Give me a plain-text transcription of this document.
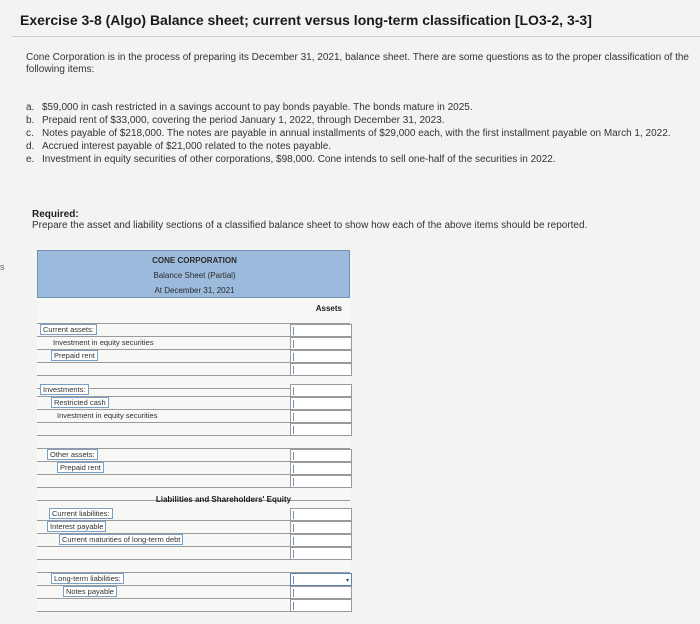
Exercise 3-8 (Algo) Balance sheet; current versus long-term classification [LO3-2, 3-3]
Cone Corporation is in the process of preparing its December 31, 2021, balance sheet. There are some questions as to the proper classification of the following items:
a. $59,000 in cash restricted in a savings account to pay bonds payable. The bonds mature in 2025.
b. Prepaid rent of $33,000, covering the period January 1, 2022, through December 31, 2023.
c. Notes payable of $218,000. The notes are payable in annual installments of $29,000 each, with the first installment payable on March 1, 2022.
d. Accrued interest payable of $21,000 related to the notes payable.
e. Investment in equity securities of other corporations, $98,000. Cone intends to sell one-half of the securities in 2022.
Required:
Prepare the asset and liability sections of a classified balance sheet to show how each of the above items should be reported.
s
CONE CORPORATION
Balance Sheet (Partial)
At December 31, 2021
Assets
Current assets:
Investment in equity securities
Prepaid rent
Investments:
Restricted cash
Investment in equity securities
Other assets:
Prepaid rent
Liabilities and Shareholders' Equity
Current liabilities:
Interest payable
Current maturities of long-term debt
Long-term liabilities:
Notes payable
▾
